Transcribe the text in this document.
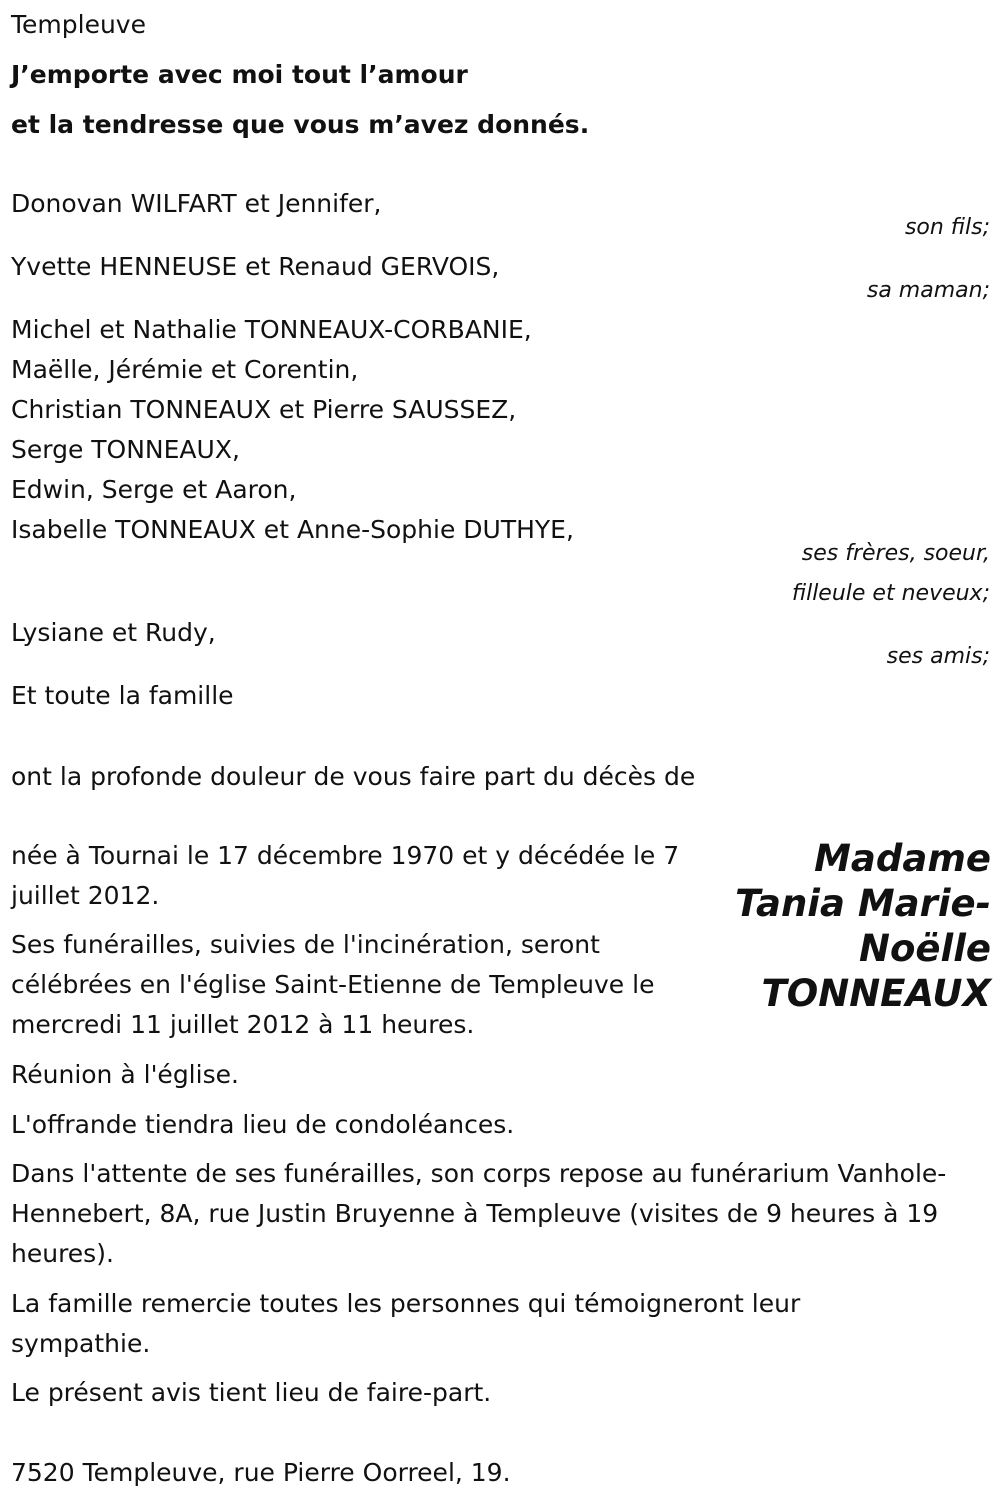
Templeuve

J’emporte avec moi tout l’amour

et la tendresse que vous m’avez donnés.

Donovan WILFART et Jennifer,

son fils;

Yvette HENNEUSE et Renaud GERVOIS,

sa maman;

Michel et Nathalie TONNEAUX-CORBANIE,

Maëlle, Jérémie et Corentin,

Christian TONNEAUX et Pierre SAUSSEZ,

Serge TONNEAUX,

Edwin, Serge et Aaron,

Isabelle TONNEAUX et Anne-Sophie DUTHYE,

ses frères, soeur,

filleule et neveux;

Lysiane et Rudy,

ses amis;

Et toute la famille

ont la profonde douleur de vous faire part du décès de

Madame
Tania Marie-
Noëlle
TONNEAUX

née à Tournai le 17 décembre 1970 et y décédée le 7 juillet 2012.

Ses funérailles, suivies de l'incinération, seront célébrées en l'église Saint-Etienne de Templeuve le mercredi 11 juillet 2012 à 11 heures.

Réunion à l'église.

L'offrande tiendra lieu de condoléances.

Dans l'attente de ses funérailles, son corps repose au funérarium Vanhole-Hennebert, 8A, rue Justin Bruyenne à Templeuve (visites de 9 heures à 19 heures).

La famille remercie toutes les personnes qui témoigneront leur sympathie.

Le présent avis tient lieu de faire-part.

7520 Templeuve, rue Pierre Oorreel, 19.
